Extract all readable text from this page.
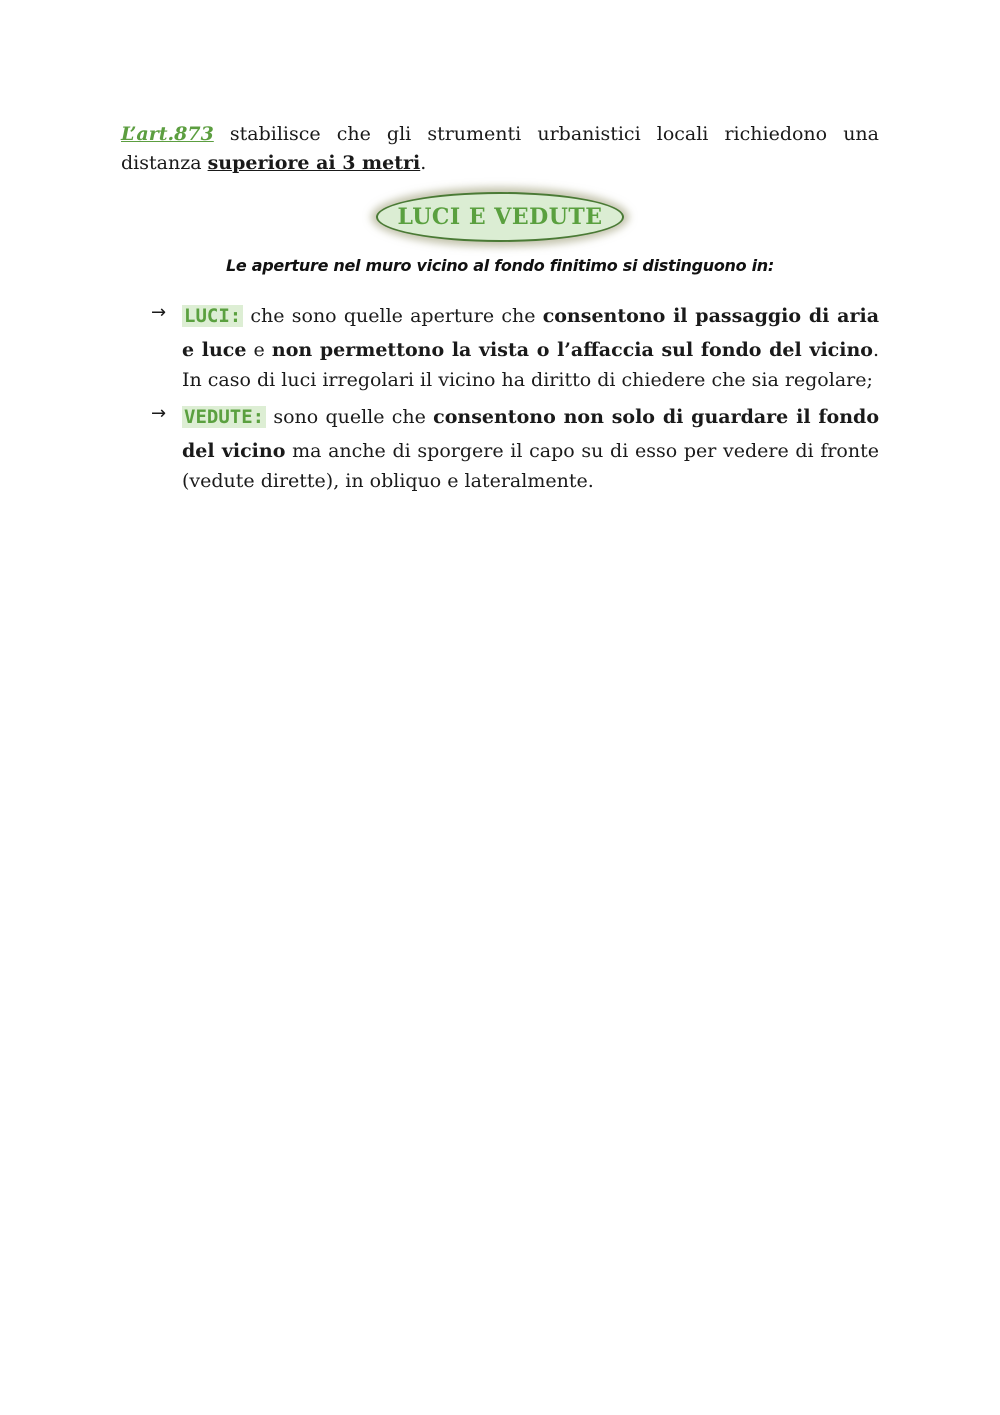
L’art.873 stabilisce che gli strumenti urbanistici locali richiedono una distanza superiore ai 3 metri.

LUCI E VEDUTE
Le aperture nel muro vicino al fondo finitimo si distinguono in:
→ LUCI: che sono quelle aperture che consentono il passaggio di aria e luce e non permettono la vista o l’affaccia sul fondo del vicino. In caso di luci irregolari il vicino ha diritto di chiedere che sia regolare;
→ VEDUTE: sono quelle che consentono non solo di guardare il fondo del vicino ma anche di sporgere il capo su di esso per vedere di fronte (vedute dirette), in obliquo e lateralmente.
